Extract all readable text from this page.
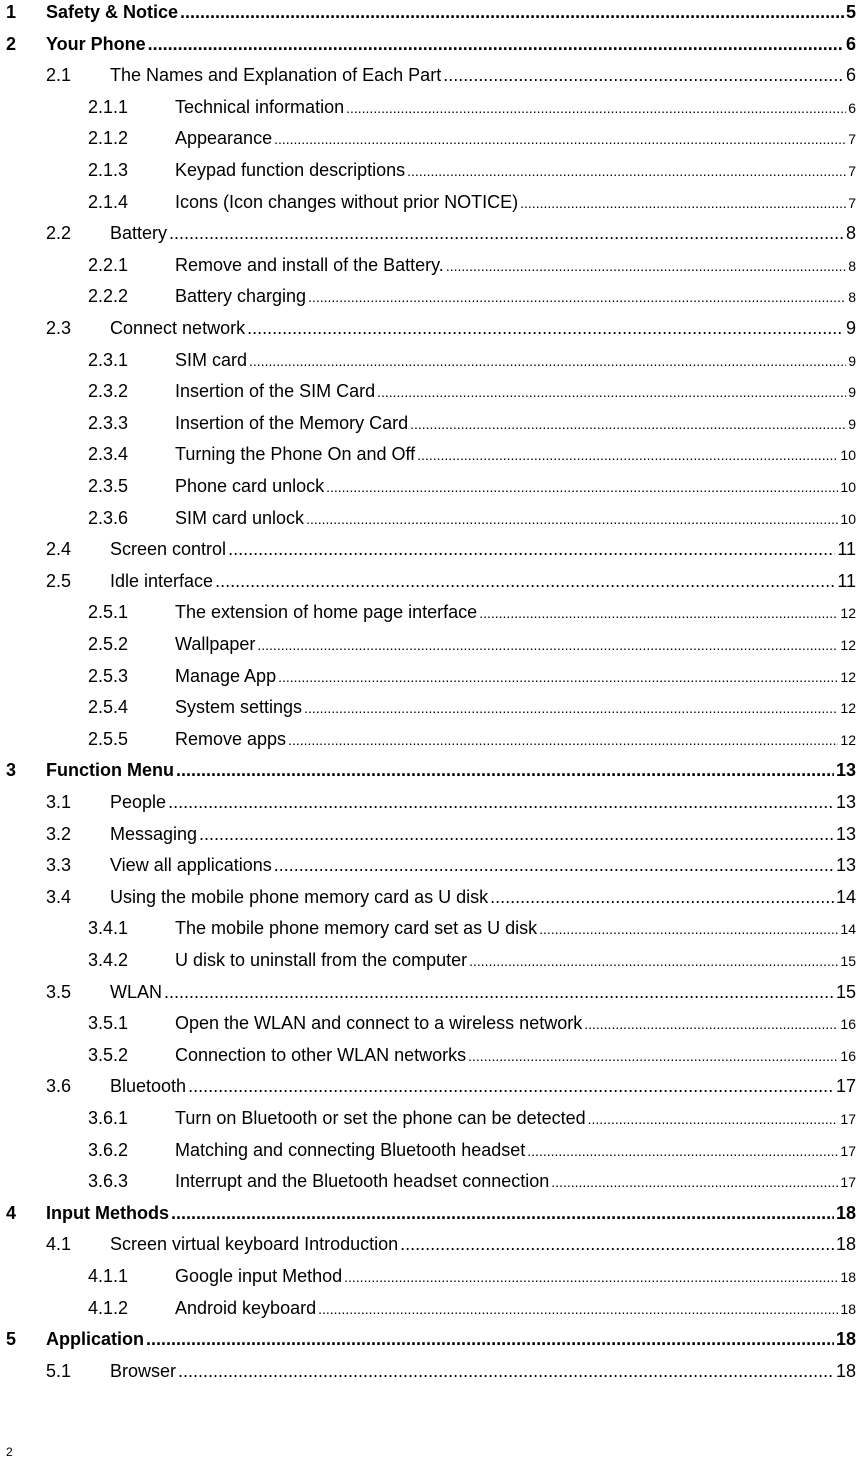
1	Safety & Notice .....	5
2	Your Phone .....	6
2.1	The Names and Explanation of Each Part .....	6
2.1.1	Technical information .....	6
2.1.2	Appearance .....	7
2.1.3	Keypad function descriptions .....	7
2.1.4	Icons (Icon changes without prior NOTICE) .....	7
2.2	Battery .....	8
2.2.1	Remove and install of the Battery. .....	8
2.2.2	Battery charging .....	8
2.3	Connect network .....	9
2.3.1	SIM card .....	9
2.3.2	Insertion of the SIM Card .....	9
2.3.3	Insertion of the Memory Card .....	9
2.3.4	Turning the Phone On and Off .....	10
2.3.5	Phone card unlock .....	10
2.3.6	SIM card unlock .....	10
2.4	Screen control .....	11
2.5	Idle interface .....	11
2.5.1	The extension of home page interface .....	12
2.5.2	Wallpaper .....	12
2.5.3	Manage App .....	12
2.5.4	System settings .....	12
2.5.5	Remove apps .....	12
3	Function Menu .....	13
3.1	People .....	13
3.2	Messaging .....	13
3.3	View all applications .....	13
3.4	Using the mobile phone memory card as U disk .....	14
3.4.1	The mobile phone memory card set as U disk .....	14
3.4.2	U disk to uninstall from the computer .....	15
3.5	WLAN .....	15
3.5.1	Open the WLAN and connect to a wireless network .....	16
3.5.2	Connection to other WLAN networks .....	16
3.6	Bluetooth .....	17
3.6.1	Turn on Bluetooth or set the phone can be detected .....	17
3.6.2	Matching and connecting Bluetooth headset .....	17
3.6.3	Interrupt and the Bluetooth headset connection .....	17
4	Input Methods .....	18
4.1	Screen virtual keyboard Introduction .....	18
4.1.1	Google input Method .....	18
4.1.2	Android keyboard .....	18
5	Application .....	18
5.1	Browser .....	18
2
